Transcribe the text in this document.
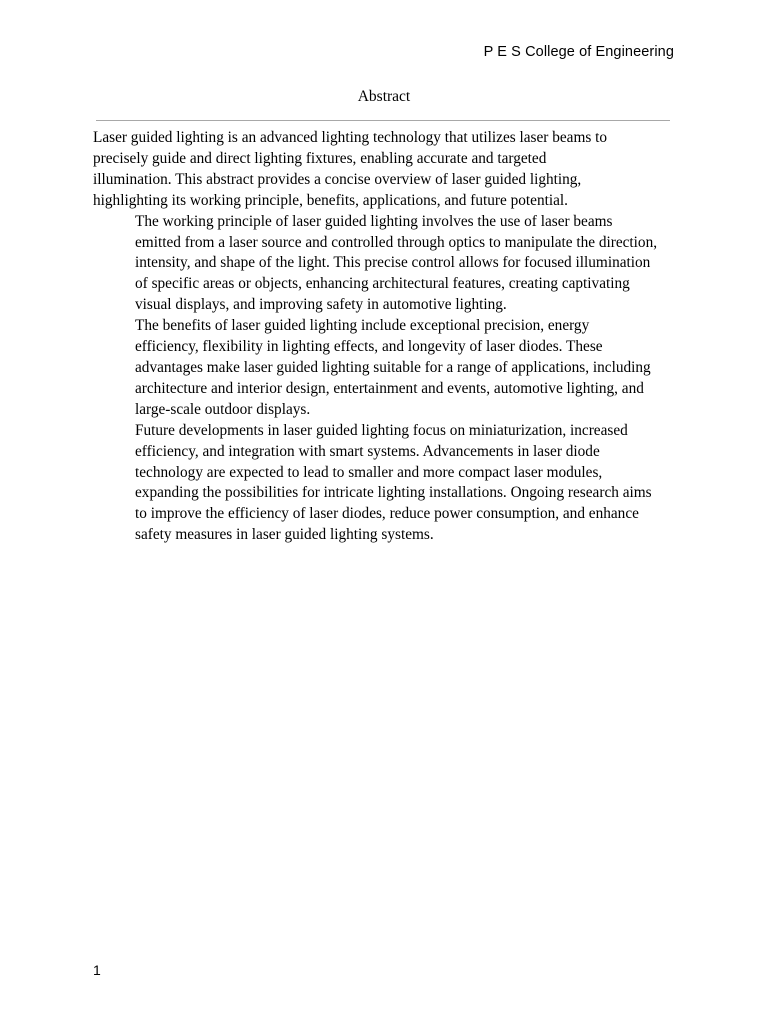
P E S College of Engineering
Abstract

Laser guided lighting is an advanced lighting technology that utilizes laser beams to
precisely guide and direct lighting fixtures, enabling accurate and targeted
illumination. This abstract provides a concise overview of laser guided lighting,
highlighting its working principle, benefits, applications, and future potential.

The working principle of laser guided lighting involves the use of laser beams
emitted from a laser source and controlled through optics to manipulate the direction,
intensity, and shape of the light. This precise control allows for focused illumination
of specific areas or objects, enhancing architectural features, creating captivating
visual displays, and improving safety in automotive lighting.

The benefits of laser guided lighting include exceptional precision, energy
efficiency, flexibility in lighting effects, and longevity of laser diodes. These
advantages make laser guided lighting suitable for a range of applications, including
architecture and interior design, entertainment and events, automotive lighting, and
large-scale outdoor displays.

Future developments in laser guided lighting focus on miniaturization, increased
efficiency, and integration with smart systems. Advancements in laser diode
technology are expected to lead to smaller and more compact laser modules,
expanding the possibilities for intricate lighting installations. Ongoing research aims
to improve the efficiency of laser diodes, reduce power consumption, and enhance
safety measures in laser guided lighting systems.

1
